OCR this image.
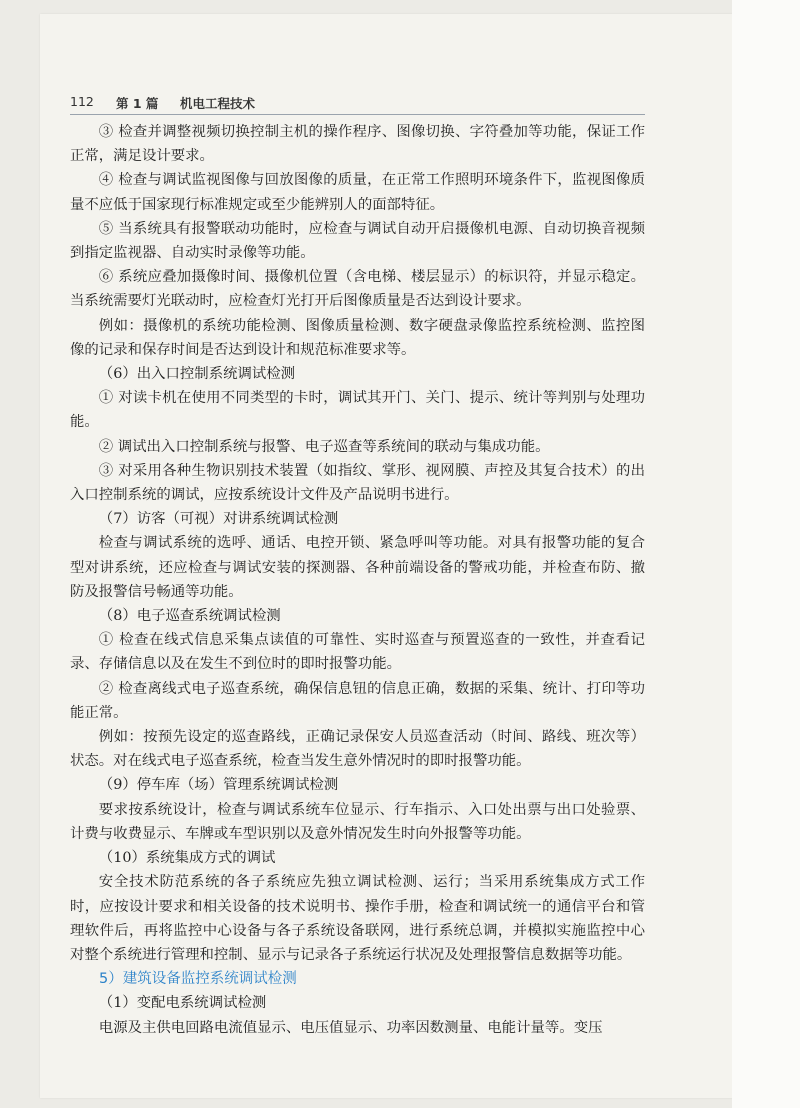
112 第 1 篇 机电工程技术

③ 检查并调整视频切换控制主机的操作程序、图像切换、字符叠加等功能，保证工作正常，满足设计要求。

④ 检查与调试监视图像与回放图像的质量，在正常工作照明环境条件下，监视图像质量不应低于国家现行标准规定或至少能辨别人的面部特征。

⑤ 当系统具有报警联动功能时，应检查与调试自动开启摄像机电源、自动切换音视频到指定监视器、自动实时录像等功能。

⑥ 系统应叠加摄像时间、摄像机位置（含电梯、楼层显示）的标识符，并显示稳定。当系统需要灯光联动时，应检查灯光打开后图像质量是否达到设计要求。

例如：摄像机的系统功能检测、图像质量检测、数字硬盘录像监控系统检测、监控图像的记录和保存时间是否达到设计和规范标准要求等。

（6）出入口控制系统调试检测

① 对读卡机在使用不同类型的卡时，调试其开门、关门、提示、统计等判别与处理功能。

② 调试出入口控制系统与报警、电子巡查等系统间的联动与集成功能。

③ 对采用各种生物识别技术装置（如指纹、掌形、视网膜、声控及其复合技术）的出入口控制系统的调试，应按系统设计文件及产品说明书进行。

（7）访客（可视）对讲系统调试检测

检查与调试系统的选呼、通话、电控开锁、紧急呼叫等功能。对具有报警功能的复合型对讲系统，还应检查与调试安装的探测器、各种前端设备的警戒功能，并检查布防、撤防及报警信号畅通等功能。

（8）电子巡查系统调试检测

① 检查在线式信息采集点读值的可靠性、实时巡查与预置巡查的一致性，并查看记录、存储信息以及在发生不到位时的即时报警功能。

② 检查离线式电子巡查系统，确保信息钮的信息正确，数据的采集、统计、打印等功能正常。

例如：按预先设定的巡查路线，正确记录保安人员巡查活动（时间、路线、班次等）状态。对在线式电子巡查系统，检查当发生意外情况时的即时报警功能。

（9）停车库（场）管理系统调试检测

要求按系统设计，检查与调试系统车位显示、行车指示、入口处出票与出口处验票、计费与收费显示、车牌或车型识别以及意外情况发生时向外报警等功能。

（10）系统集成方式的调试

安全技术防范系统的各子系统应先独立调试检测、运行；当采用系统集成方式工作时，应按设计要求和相关设备的技术说明书、操作手册，检查和调试统一的通信平台和管理软件后，再将监控中心设备与各子系统设备联网，进行系统总调，并模拟实施监控中心对整个系统进行管理和控制、显示与记录各子系统运行状况及处理报警信息数据等功能。

5）建筑设备监控系统调试检测

（1）变配电系统调试检测

电源及主供电回路电流值显示、电压值显示、功率因数测量、电能计量等。变压
